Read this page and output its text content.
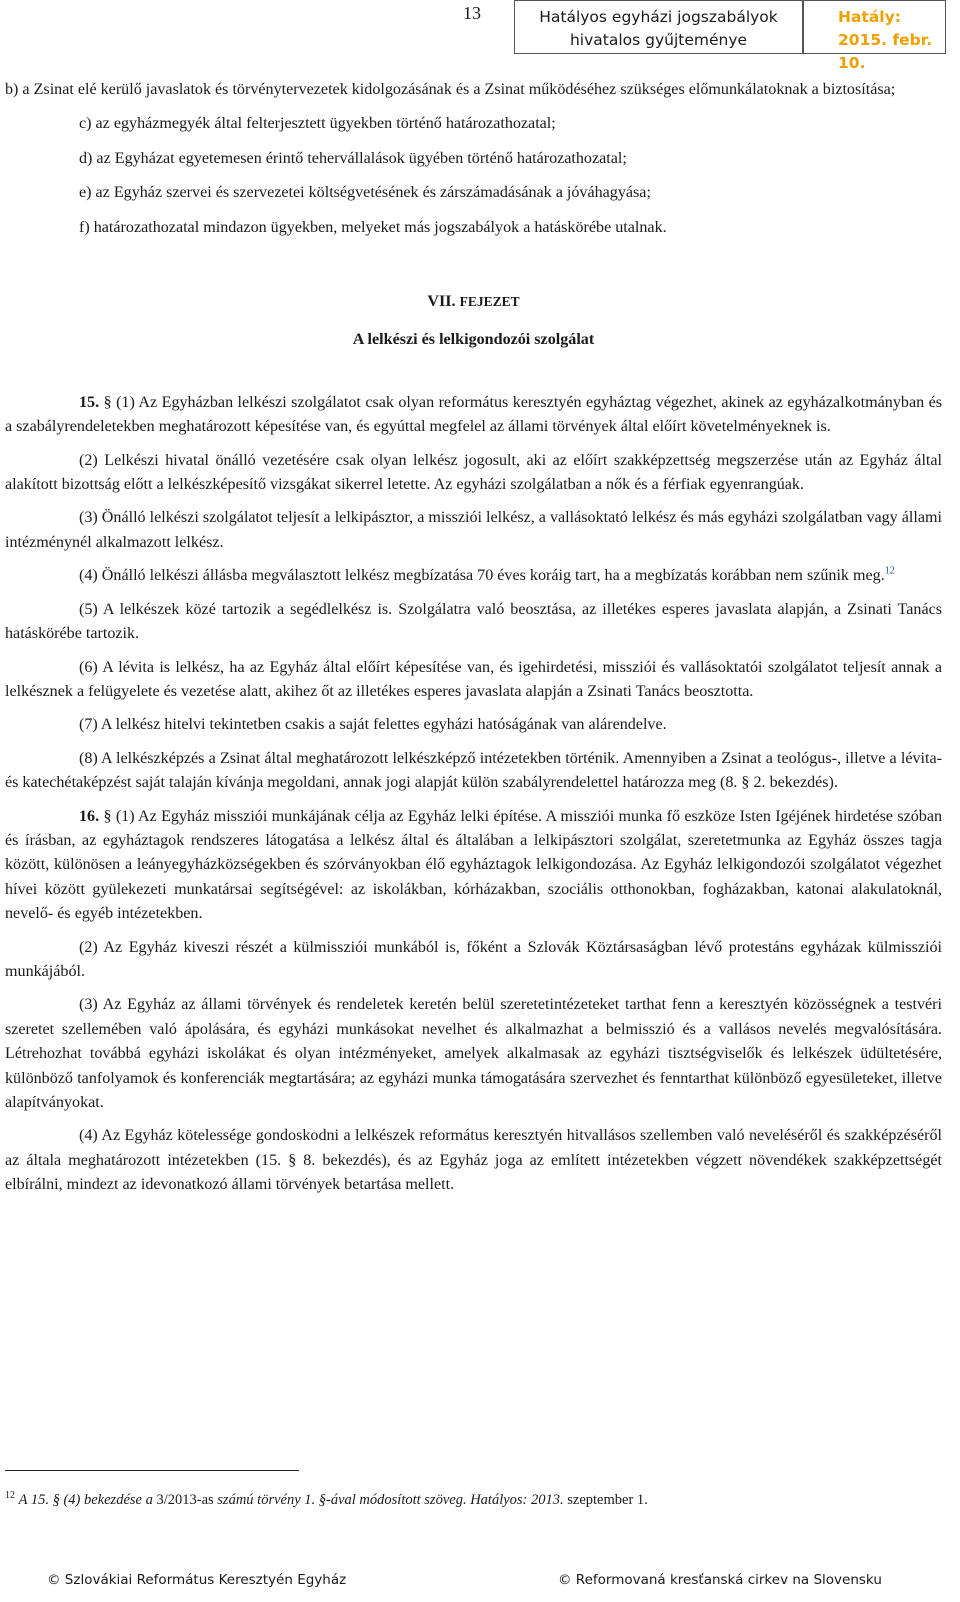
13	Hatályos egyházi jogszabályok
hivatalos gyűjteménye
Hatály:
2015. febr. 10.

b) a Zsinat elé kerülő javaslatok és törvénytervezetek kidolgozásának és a Zsinat működéséhez szükséges előmunkálatoknak a biztosítása;

c) az egyházmegyék által felterjesztett ügyekben történő határozathozatal;

d) az Egyházat egyetemesen érintő tehervállalások ügyében történő határozathozatal;

e) az Egyház szervei és szervezetei költségvetésének és zárszámadásának a jóváhagyása;

f) határozathozatal mindazon ügyekben, melyeket más jogszabályok a hatáskörébe utalnak.

VII. FEJEZET

A lelkészi és lelkigondozói szolgálat

15. § (1) Az Egyházban lelkészi szolgálatot csak olyan református keresztyén egyháztag végezhet, akinek az egyházalkotmányban és a szabályrendeletekben meghatározott képesítése van, és egyúttal megfelel az állami törvények által előírt követelményeknek is.

(2) Lelkészi hivatal önálló vezetésére csak olyan lelkész jogosult, aki az előírt szakképzettség megszerzése után az Egyház által alakított bizottság előtt a lelkészképesítő vizsgákat sikerrel letette. Az egyházi szolgálatban a nők és a férfiak egyenrangúak.

(3) Önálló lelkészi szolgálatot teljesít a lelkipásztor, a missziói lelkész, a vallásoktató lelkész és más egyházi szolgálatban vagy állami intézménynél alkalmazott lelkész.

(4) Önálló lelkészi állásba megválasztott lelkész megbízatása 70 éves koráig tart, ha a megbízatás korábban nem szűnik meg.$^{12}$

(5) A lelkészek közé tartozik a segédlelkész is. Szolgálatra való beosztása, az illetékes esperes javaslata alapján, a Zsinati Tanács hatáskörébe tartozik.

(6) A lévita is lelkész, ha az Egyház által előírt képesítése van, és igehirdetési, missziói és vallásoktatói szolgálatot teljesít annak a lelkésznek a felügyelete és vezetése alatt, akihez őt az illetékes esperes javaslata alapján a Zsinati Tanács beosztotta.

(7) A lelkész hitelvi tekintetben csakis a saját felettes egyházi hatóságának van alárendelve.

(8) A lelkészképzés a Zsinat által meghatározott lelkészképző intézetekben történik. Amennyiben a Zsinat a teológus-, illetve a lévita- és katechétaképzést saját talaján kívánja megoldani, annak jogi alapját külön szabályrendelettel határozza meg (8. § 2. bekezdés).

16. § (1) Az Egyház missziói munkájának célja az Egyház lelki építése. A missziói munka fő eszköze Isten Igéjének hirdetése szóban és írásban, az egyháztagok rendszeres látogatása a lelkész által és általában a lelkipásztori szolgálat, szeretetmunka az Egyház összes tagja között, különösen a leányegyházközségekben és szórványokban élő egyháztagok lelkigondozása. Az Egyház lelkigondozói szolgálatot végezhet hívei között gyülekezeti munkatársai segítségével: az iskolákban, kórházakban, szociális otthonokban, fogházakban, katonai alakulatoknál, nevelő- és egyéb intézetekben.

(2) Az Egyház kiveszi részét a külmissziói munkából is, főként a Szlovák Köztársaságban lévő protestáns egyházak külmissziói munkájából.

(3) Az Egyház az állami törvények és rendeletek keretén belül szeretetintézeteket tarthat fenn a keresztyén közösségnek a testvéri szeretet szellemében való ápolására, és egyházi munkásokat nevelhet és alkalmazhat a belmisszió és a vallásos nevelés megvalósítására. Létrehozhat továbbá egyházi iskolákat és olyan intézményeket, amelyek alkalmasak az egyházi tisztségviselők és lelkészek üdültetésére, különböző tanfolyamok és konferenciák megtartására; az egyházi munka támogatására szervezhet és fenntarthat különböző egyesületeket, illetve alapítványokat.

(4) Az Egyház kötelessége gondoskodni a lelkészek református keresztyén hitvallásos szellemben való neveléséről és szakképzéséről az általa meghatározott intézetekben (15. § 8. bekezdés), és az Egyház joga az említett intézetekben végzett növendékek szakképzettségét elbírálni, mindezt az idevonatkozó állami törvények betartása mellett.

$^{12}$ A 15. § (4) bekezdése a 3/2013-as számú törvény 1. §-ával módosított szöveg. Hatályos: 2013. szeptember 1.
© Szlovákiai Református Keresztyén Egyház	© Reformovaná kresťanská cirkev na Slovensku
